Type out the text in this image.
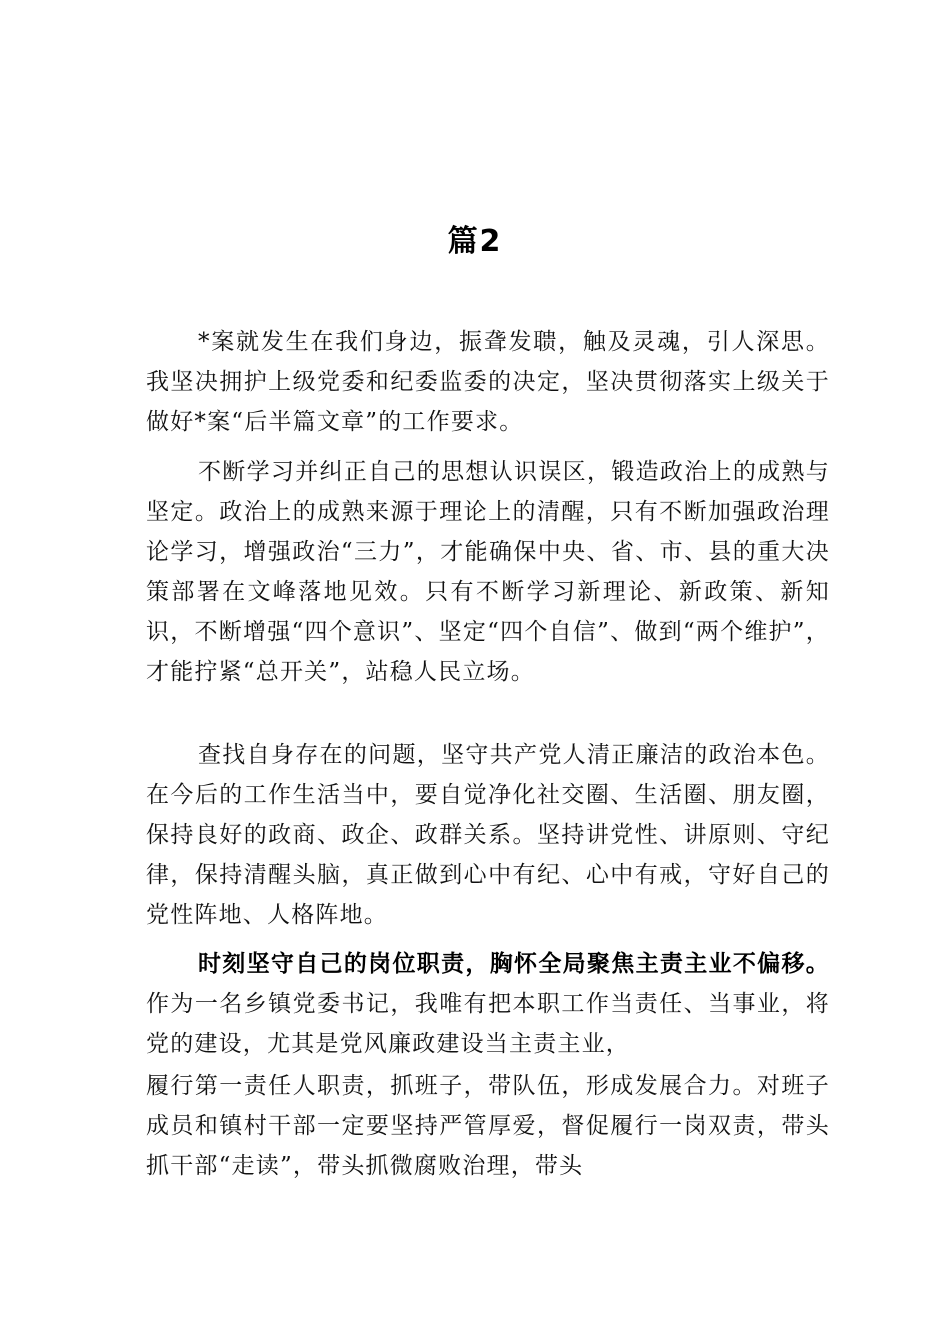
篇2

*案就发生在我们身边，振聋发聩，触及灵魂，引人深思。我坚决拥护上级党委和纪委监委的决定，坚决贯彻落实上级关于做好*案“后半篇文章”的工作要求。

不断学习并纠正自己的思想认识误区，锻造政治上的成熟与坚定。政治上的成熟来源于理论上的清醒，只有不断加强政治理论学习，增强政治“三力”，才能确保中央、省、市、县的重大决策部署在文峰落地见效。只有不断学习新理论、新政策、新知识，不断增强“四个意识”、坚定“四个自信”、做到“两个维护”，才能拧紧“总开关”，站稳人民立场。

查找自身存在的问题，坚守共产党人清正廉洁的政治本色。在今后的工作生活当中，要自觉净化社交圈、生活圈、朋友圈，保持良好的政商、政企、政群关系。坚持讲党性、讲原则、守纪律，保持清醒头脑，真正做到心中有纪、心中有戒，守好自己的党性阵地、人格阵地。

时刻坚守自己的岗位职责，胸怀全局聚焦主责主业不偏移。作为一名乡镇党委书记，我唯有把本职工作当责任、当事业，将党的建设，尤其是党风廉政建设当主责主业，

履行第一责任人职责，抓班子，带队伍，形成发展合力。对班子成员和镇村干部一定要坚持严管厚爱，督促履行一岗双责，带头抓干部“走读”，带头抓微腐败治理，带头
